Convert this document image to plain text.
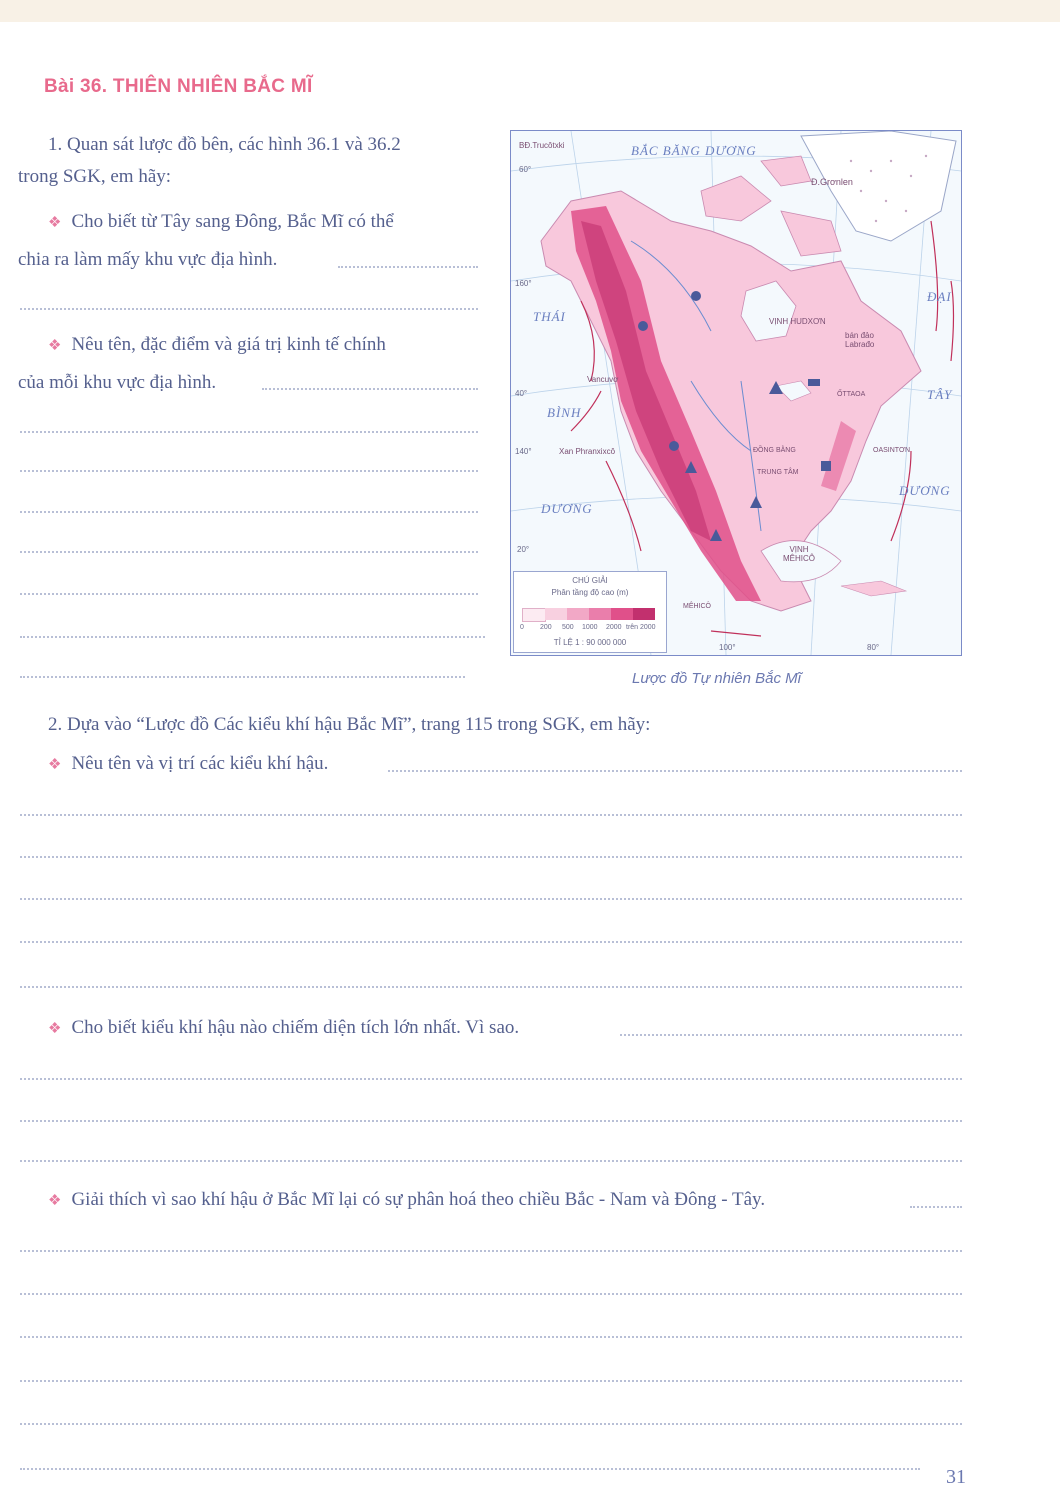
Bài 36. THIÊN NHIÊN BẮC MĨ
1. Quan sát lược đồ bên, các hình 36.1 và 36.2
trong SGK, em hãy:
❖ Cho biết từ Tây sang Đông, Bắc Mĩ có thể
chia ra làm mấy khu vực địa hình.
❖ Nêu tên, đặc điểm và giá trị kinh tế chính
của mỗi khu vực địa hình.
BĐ.Trucôtxki	BẮC BĂNG DƯƠNG
Đ.Grơnlen
THÁI
BÌNH
DƯƠNG
ĐẠI
TÂY
DƯƠNG
VỊNH HUDXƠN
bán đảo Labrađo
Vancuvơ
Xan Phranxixcô
ỐTTAOA
OASINTƠN
ĐỒNG BẰNG
TRUNG TÂM
VỊNH MÊHICÔ
MÊHICÔ
60°
160°
40°
140°
20°
100°	80°
CHÚ GIẢI
Phân tầng độ cao (m)
0 200 500 1000 2000 trên 2000
TỈ LỆ 1 : 90 000 000
Lược đồ Tự nhiên Bắc Mĩ
2. Dựa vào “Lược đồ Các kiểu khí hậu Bắc Mĩ”, trang 115 trong SGK, em hãy:
❖ Nêu tên và vị trí các kiểu khí hậu.
❖ Cho biết kiểu khí hậu nào chiếm diện tích lớn nhất. Vì sao.
❖ Giải thích vì sao khí hậu ở Bắc Mĩ lại có sự phân hoá theo chiều Bắc - Nam và Đông - Tây.
31
